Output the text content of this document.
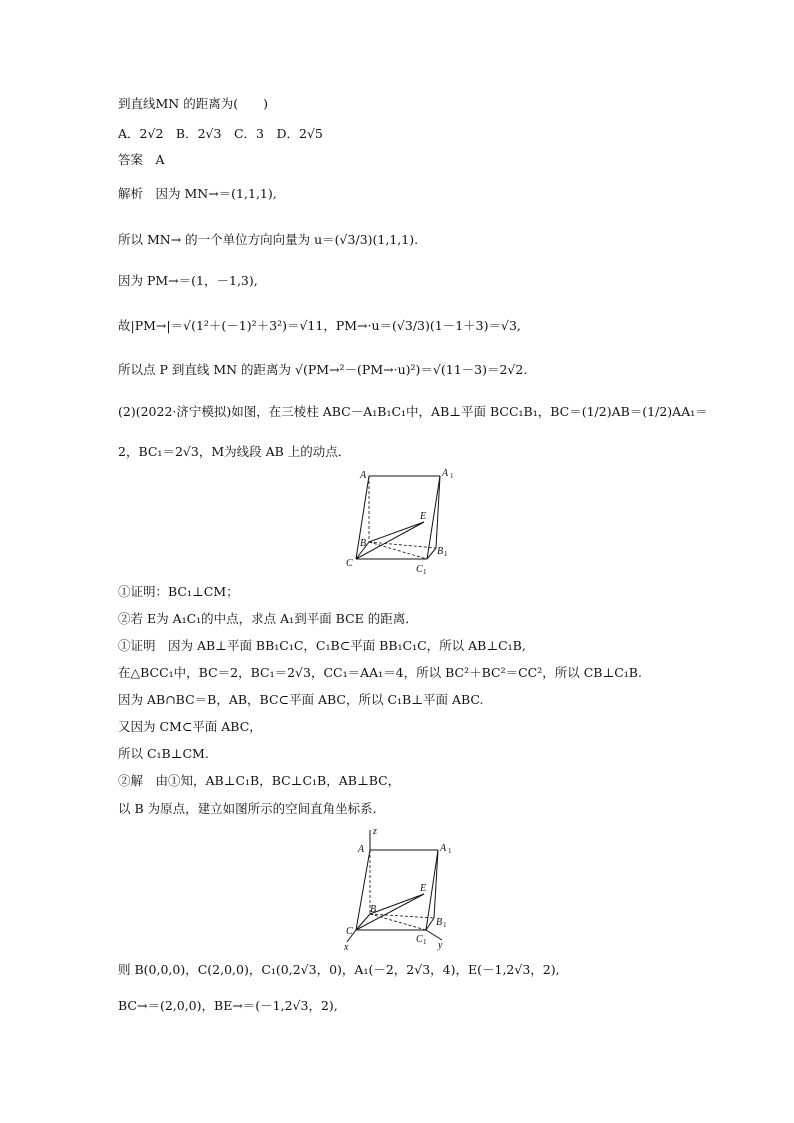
到直线MN 的距离为(　　)
A．2√2　B．2√3　C．3　D．2√5
答案　A
解析　因为 MN→＝(1,1,1),
所以 MN→ 的一个单位方向向量为 u＝(√3/3)(1,1,1).
因为 PM→＝(1，－1,3),
故|PM→|＝√(1²＋(－1)²＋3²)＝√11，PM→·u＝(√3/3)(1－1＋3)＝√3,
所以点 P 到直线 MN 的距离为 √(PM→²－(PM→·u)²)＝√(11－3)＝2√2.
(2)(2022·济宁模拟)如图，在三棱柱 ABC－A₁B₁C₁中，AB⊥平面 BCC₁B₁，BC＝(1/2)AB＝(1/2)AA₁＝
2，BC₁＝2√3，M为线段 AB 上的动点．
A	A 1
E
B
B 1
C
C 1
①证明：BC₁⊥CM；
②若 E为 A₁C₁的中点，求点 A₁到平面 BCE 的距离．
①证明　因为 AB⊥平面 BB₁C₁C，C₁B⊂平面 BB₁C₁C，所以 AB⊥C₁B,
在△BCC₁中，BC＝2，BC₁＝2√3，CC₁＝AA₁＝4，所以 BC²＋BC²＝CC²，所以 CB⊥C₁B.
因为 AB∩BC＝B，AB，BC⊂平面 ABC，所以 C₁B⊥平面 ABC.
又因为 CM⊂平面 ABC，
所以 C₁B⊥CM.
②解　由①知，AB⊥C₁B，BC⊥C₁B，AB⊥BC，
以 B 为原点，建立如图所示的空间直角坐标系．
z
A	A 1
E
B
B 1
C
C 1
x	y
则 B(0,0,0)，C(2,0,0)，C₁(0,2√3，0)，A₁(－2，2√3，4)，E(－1,2√3，2),
BC→＝(2,0,0)，BE→＝(－1,2√3，2),
